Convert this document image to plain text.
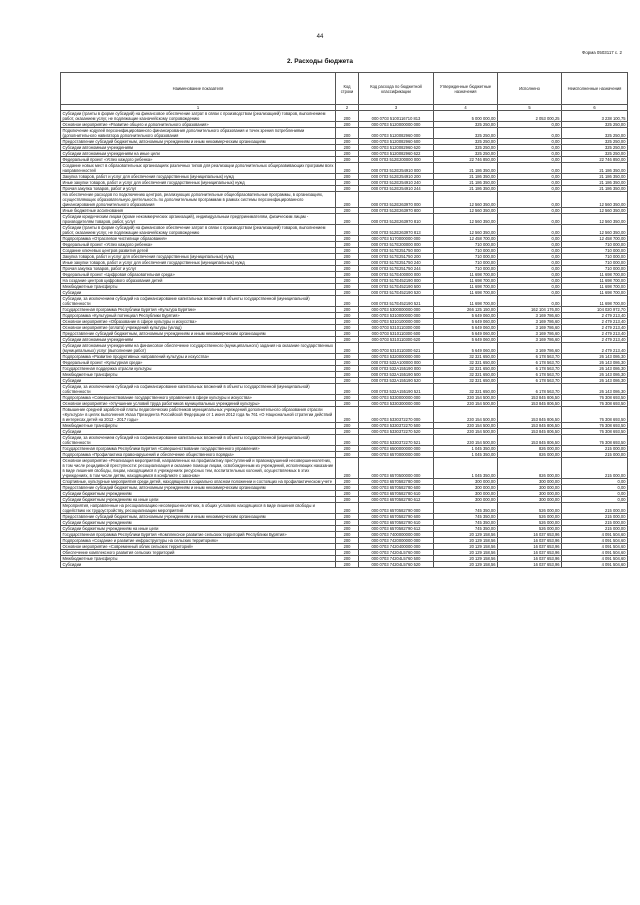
44
Форма 0503117 с. 2
2. Расходы бюджета
Наименование показателя	Код строки	Код расхода по бюджетной классификации	Утвержденные бюджетные назначения	Исполнено	Неисполненные назначения
1	2	3	4	5	6
Субсидии (гранты в форме субсидий) на финансовое обеспечение затрат в связи с производством (реализацией) товаров, выполнением работ, оказанием услуг, не подлежащие казначейскому сопровождению	200	000 0703 5100116710 813	5 000 000,00	2 053 000,25	3 238 100,75
Основное мероприятие «Развитие общего и дополнительного образования»	200	000 0703 5120000000 000	325 250,00	0,00	325 250,00
Подключение кодулей персонифицированного финансирования дополнительного образования и точек зрения потреблениями (дополнительного навигатора дополнительного образования	200	000 0703 5120082960 000	325 250,00	0,00	325 250,00
Предоставление субсидий бюджетным, автономным учреждениям и иным некоммерческим организациям	200	000 0703 5120082960 600	325 250,00	0,00	325 250,00
Субсидии автономным учреждениям	200	000 0703 5120082960 620	325 250,00	0,00	325 250,00
Субсидии автономным учреждениям на иные цели	200	000 0703 5120082960 622	325 250,00	0,00	325 250,00
Федеральный проект «Успех каждого ребенка»	200	000 0703 512E200000 000	22 746 850,00	0,00	22 746 850,00
Создание новых мест в образовательных организациях различных типов для реализации дополнительных общеразвивающих программ всех направленностей	200	000 0703 512E254910 000	21 186 350,00	0,00	21 186 350,00
Закупка товаров, работ и услуг для обеспечения государственных (муниципальных) нужд	200	000 0703 512E254910 200	21 186 350,00	0,00	21 186 350,00
Иные закупки товаров, работ и услуг для обеспечения государственных (муниципальных) нужд	200	000 0703 512E254910 240	21 186 350,00	0,00	21 186 350,00
Прочая закупка товаров, работ и услуг	200	000 0703 512E254910 244	21 186 350,00	0,00	21 186 350,00
На обеспечение расходов по подключению центров, реализующих дополнительные общеобразовательные программы, в организациях, осуществляющих образовательную деятельность по дополнительным программам в рамках системы персонифицированного финансирования дополнительного образования	200	000 0703 512E263970 000	12 560 350,00	0,00	12 560 350,00
Иные бюджетные ассигнования	200	000 0703 512E263970 800	12 560 350,00	0,00	12 560 350,00
Субсидии юридическим лицам (кроме некоммерческих организаций), индивидуальным предпринимателям, физическим лицам - производителям товаров, работ, услуг	200	000 0703 512E263970 810	12 560 350,00	0,00	12 560 350,00
Субсидии (гранты в форме субсидий) на финансовое обеспечение затрат в связи с производством (реализацией) товаров, выполнением работ, оказанием услуг, не подлежащие казначейскому сопровождению	200	000 0703 512E263970 813	12 560 350,00	0,00	12 560 350,00
Подпрограмма «Отраслевое чистилище образования»	200	000 0703 5170000000 000	12 458 700,00	0,00	12 458 700,00
Федеральный проект «Успех каждого ребенка»	200	000 0703 517E200000 000	710 000,00	0,00	710 000,00
Создание ключевых центров развития детей	200	000 0703 517E251750 000	710 000,00	0,00	710 000,00
Закупка товаров, работ и услуг для обеспечения государственных (муниципальных) нужд	200	000 0703 517E251750 200	710 000,00	0,00	710 000,00
Иные закупки товаров, работ и услуг для обеспечения государственных (муниципальных) нужд	200	000 0703 517E251750 240	710 000,00	0,00	710 000,00
Прочая закупка товаров, работ и услуг	200	000 0703 517E251750 244	710 000,00	0,00	710 000,00
Федеральный проект «Цифровая образовательная среда»	200	000 0703 517E400000 000	11 698 700,00	0,00	11 698 700,00
На создание центров цифрового образования детей	200	000 0703 517E452190 000	11 698 700,00	0,00	11 698 700,00
Межбюджетные трансферты	200	000 0703 517E452190 500	11 698 700,00	0,00	11 698 700,00
Субсидии	200	000 0703 517E452190 520	11 698 700,00	0,00	11 698 700,00
Субсидии, за исключением субсидий на софинансирование капитальных вложений в объекты государственной (муниципальной) собственности	200	000 0703 517E452190 521	11 698 700,00	0,00	11 698 700,00
Государственная программа Республики Бурятия «Культура Бурятии»	200	000 0703 5300000000 000	266 125 150,00	162 104 176,00	104 020 972,70
Подпрограмма «Культурный потенциал Республики Бурятия»	200	000 0703 5310000000 000	5 649 060,00	3 169 786,60	2 479 213,40
Основное мероприятие «Образование в сфере культуры и искусства»	200	000 0703 5310100000 000	5 649 060,00	3 169 786,60	2 479 213,40
Основное мероприятие (оплата) учреждений культуры (уклад)	200	000 0703 5310110300 000	5 649 060,00	3 169 786,60	2 479 213,40
Предоставление субсидий бюджетным, автономным учреждениям и иным некоммерческим организациям	200	000 0703 5310110300 600	5 649 060,00	3 169 786,60	2 479 213,40
Субсидии автономным учреждениям	200	000 0703 5310110300 620	5 649 060,00	3 169 786,60	2 479 213,40
Субсидии автономным учреждениям на финансовое обеспечение государственного (муниципального) задания на оказание государственных (муниципальных) услуг (выполнение работ)	200	000 0703 5310110300 621	5 649 060,00	3 169 786,60	2 479 213,40
Подпрограмма «Развитие продуктивных направлений культуры и искусства»	200	000 0703 5320000000 000	32 321 650,00	6 178 563,70	26 143 086,30
Федеральный проект «Культурная среда»	200	000 0703 532A100000 000	32 321 650,00	6 178 563,70	26 143 086,30
Государственная поддержка отрасли культуры	200	000 0703 532A155190 000	32 321 650,00	6 178 563,70	26 143 086,30
Межбюджетные трансферты	200	000 0703 532A155190 500	32 321 650,00	6 178 563,70	26 143 086,30
Субсидии	200	000 0703 532A155190 520	32 321 650,00	6 178 563,70	26 143 086,30
Субсидии, за исключением субсидий на софинансирование капитальных вложений в объекты государственной (муниципальной) собственности	200	000 0703 532A155190 521	32 321 650,00	6 178 563,70	26 143 086,30
Подпрограмма «Совершенствование государственного управления в сфере культуры и искусства»	200	000 0703 5330000000 000	230 154 500,00	153 845 806,50	76 308 693,50
Основное мероприятие «Улучшение условий труда работников муниципальных учреждений культуры»	200	000 0703 5330300000 000	230 154 500,00	153 845 806,50	76 308 693,50
Повышение средней заработной платы педагогических работников муниципальных учреждений дополнительного образования отрасли «Культура» в целях выполнения Указа Президента Российской Федерации от 1 июня 2012 года № 761 «О Национальной стратегии действий в интересах детей на 2012 - 2017 годы»	200	000 0703 5330372270 000	230 154 500,00	153 845 806,50	76 308 693,50
Межбюджетные трансферты	200	000 0703 5330372270 500	230 154 500,00	153 845 806,50	76 308 693,50
Субсидии	200	000 0703 5330372270 520	230 154 500,00	153 845 806,50	76 308 693,50
Субсидии, за исключением субсидий на софинансирование капитальных вложений в объекты государственной (муниципальной) собственности	200	000 0703 5330372270 521	230 154 500,00	153 845 806,50	76 308 693,50
Государственная программа Республики Бурятия «Совершенствование государственного управления»	200	000 0703 6500000000 000	1 045 350,00	826 000,00	215 000,00
Подпрограмма «Профилактика правонарушений и обеспечение общественного порядка»	200	000 0703 6570000000 000	1 045 350,00	826 000,00	215 000,00
Основное мероприятие «Реализация мероприятий, направленных на профилактику преступлений и правонарушений несовершеннолетних, в том числе рецидивной преступности: ресоциализация и оказание помощи лицам, освобожденным из учреждений, исполняющих наказание в виде лишения свободы, лицам, находящимся в учреждениях ресурсных тем, воспитательных колоний, осуществляемых в этих учреждениях, в том числе детям, находящимся в конфликте с законом»	200	000 0703 6570500000 000	1 045 350,00	826 000,00	215 000,00
Спортивные, культурные мероприятия среди детей, находящихся в социально опасном положении и состоящих на профилактическом учете	200	000 0703 6570582780 000	300 000,00	300 000,00	0,00
Предоставление субсидий бюджетным, автономным учреждениям и иным некоммерческим организациям	200	000 0703 6570582780 600	300 000,00	300 000,00	0,00
Субсидии бюджетным учреждениям	200	000 0703 6570582780 610	300 000,00	300 000,00	0,00
Субсидии бюджетным учреждениям на иные цели	200	000 0703 6570582780 612	300 000,00	300 000,00	0,00
Мероприятия, направленные на ресоциализацию несовершеннолетних, в общих условиях находящихся в виде лишения свободы и содействию их трудоустройству, ресоциализации мероприятий	200	000 0703 6570582790 000	745 350,00	526 000,00	215 000,00
Предоставление субсидий бюджетным, автономным учреждениям и иным некоммерческим организациям	200	000 0703 6570582790 600	745 350,00	526 000,00	215 000,00
Субсидии бюджетным учреждениям	200	000 0703 6570582790 610	745 350,00	526 000,00	215 000,00
Субсидии бюджетным учреждениям на иные цели	200	000 0703 6570582790 612	745 350,00	526 000,00	215 000,00
Государственная программа Республики Бурятия «Комплексное развитие сельских территорий Республики Бурятия»	200	000 0703 7400000000 000	20 129 158,56	16 037 653,96	4 091 504,60
Подпрограмма «Создание и развитие инфраструктуры на сельских территориях»	200	000 0703 7420000000 000	20 129 158,56	16 037 653,96	4 091 504,60
Основное мероприятие «Современный облик сельских территорий»	200	000 0703 7420400000 000	20 129 158,56	16 037 653,96	4 091 504,60
Обеспечение комплексного развития сельских территорий	200	000 0703 74204L5760 000	20 129 158,56	16 037 653,96	4 091 504,60
Межбюджетные трансферты	200	000 0703 74204L5760 500	20 129 158,56	16 037 653,96	4 091 504,60
Субсидии	200	000 0703 74204L5760 520	20 129 158,56	16 037 653,96	4 091 504,60
